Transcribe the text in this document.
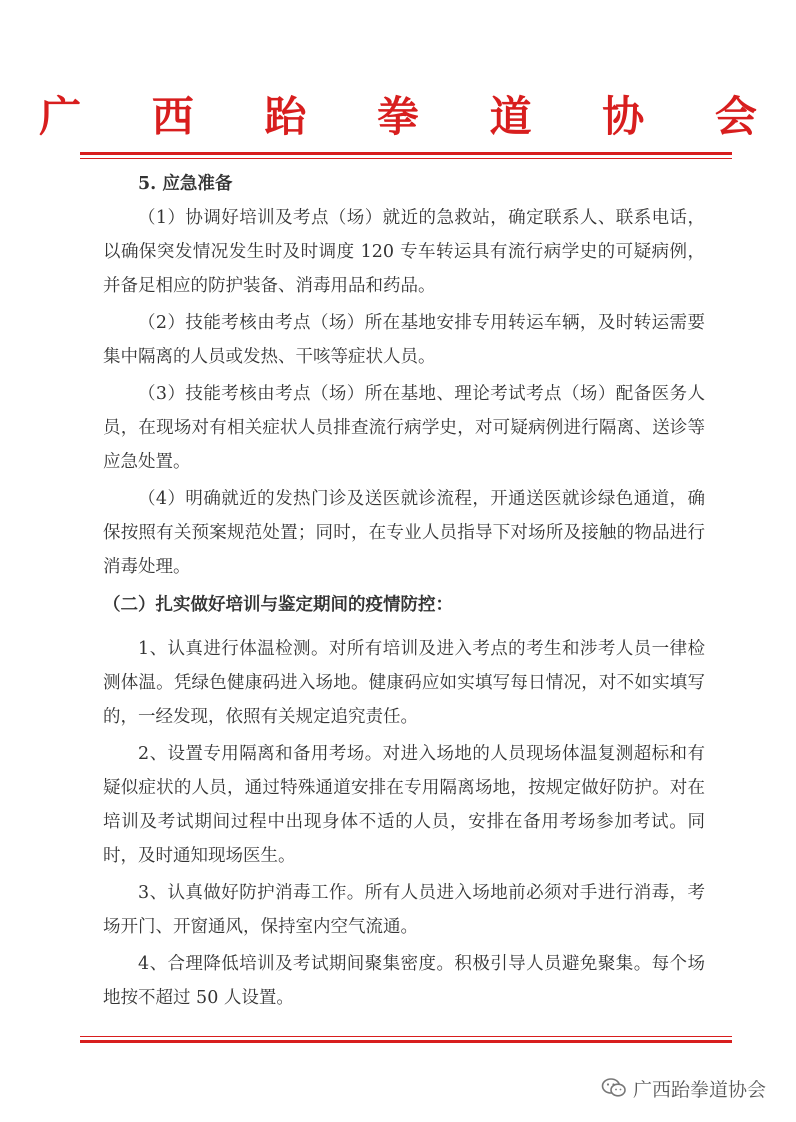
广 西 跆 拳 道 协 会

5. 应急准备

（1）协调好培训及考点（场）就近的急救站，确定联系人、联系电话，以确保突发情况发生时及时调度 120 专车转运具有流行病学史的可疑病例，并备足相应的防护装备、消毒用品和药品。

（2）技能考核由考点（场）所在基地安排专用转运车辆，及时转运需要集中隔离的人员或发热、干咳等症状人员。

（3）技能考核由考点（场）所在基地、理论考试考点（场）配备医务人员，在现场对有相关症状人员排查流行病学史，对可疑病例进行隔离、送诊等应急处置。

（4）明确就近的发热门诊及送医就诊流程，开通送医就诊绿色通道，确保按照有关预案规范处置；同时，在专业人员指导下对场所及接触的物品进行消毒处理。

（二）扎实做好培训与鉴定期间的疫情防控：

1、认真进行体温检测。对所有培训及进入考点的考生和涉考人员一律检测体温。凭绿色健康码进入场地。健康码应如实填写每日情况，对不如实填写的，一经发现，依照有关规定追究责任。

2、设置专用隔离和备用考场。对进入场地的人员现场体温复测超标和有疑似症状的人员，通过特殊通道安排在专用隔离场地，按规定做好防护。对在培训及考试期间过程中出现身体不适的人员，安排在备用考场参加考试。同时，及时通知现场医生。

3、认真做好防护消毒工作。所有人员进入场地前必须对手进行消毒，考场开门、开窗通风，保持室内空气流通。

4、合理降低培训及考试期间聚集密度。积极引导人员避免聚集。每个场地按不超过 50 人设置。

广西跆拳道协会
